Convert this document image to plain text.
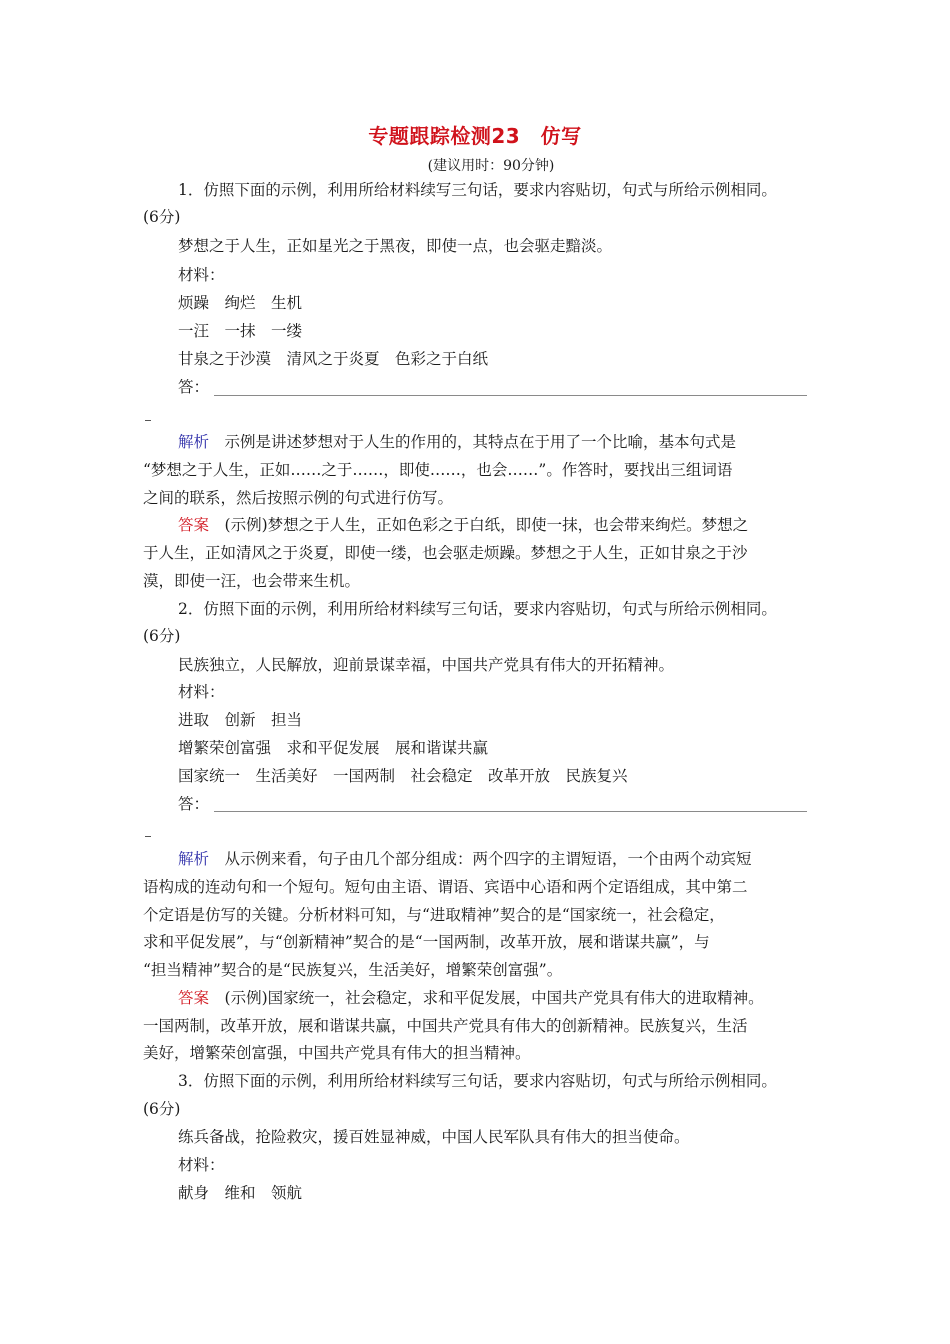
专题跟踪检测23　仿写
(建议用时：90分钟)
1．仿照下面的示例，利用所给材料续写三句话，要求内容贴切，句式与所给示例相同。
(6分)
梦想之于人生，正如星光之于黑夜，即使一点，也会驱走黯淡。
材料：
烦躁　绚烂　生机
一汪　一抹　一缕
甘泉之于沙漠　清风之于炎夏　色彩之于白纸
答：
解析　示例是讲述梦想对于人生的作用的，其特点在于用了一个比喻，基本句式是
“梦想之于人生，正如……之于……，即使……，也会……”。作答时，要找出三组词语
之间的联系，然后按照示例的句式进行仿写。
答案　(示例)梦想之于人生，正如色彩之于白纸，即使一抹，也会带来绚烂。梦想之
于人生，正如清风之于炎夏，即使一缕，也会驱走烦躁。梦想之于人生，正如甘泉之于沙
漠，即使一汪，也会带来生机。
2．仿照下面的示例，利用所给材料续写三句话，要求内容贴切，句式与所给示例相同。
(6分)
民族独立，人民解放，迎前景谋幸福，中国共产党具有伟大的开拓精神。
材料：
进取　创新　担当
增繁荣创富强　求和平促发展　展和谐谋共赢
国家统一　生活美好　一国两制　社会稳定　改革开放　民族复兴
答：
解析　从示例来看，句子由几个部分组成：两个四字的主谓短语，一个由两个动宾短
语构成的连动句和一个短句。短句由主语、谓语、宾语中心语和两个定语组成，其中第二
个定语是仿写的关键。分析材料可知，与“进取精神”契合的是“国家统一，社会稳定，
求和平促发展”，与“创新精神”契合的是“一国两制，改革开放，展和谐谋共赢”，与
“担当精神”契合的是“民族复兴，生活美好，增繁荣创富强”。
答案　(示例)国家统一，社会稳定，求和平促发展，中国共产党具有伟大的进取精神。
一国两制，改革开放，展和谐谋共赢，中国共产党具有伟大的创新精神。民族复兴，生活
美好，增繁荣创富强，中国共产党具有伟大的担当精神。
3．仿照下面的示例，利用所给材料续写三句话，要求内容贴切，句式与所给示例相同。
(6分)
练兵备战，抢险救灾，援百姓显神威，中国人民军队具有伟大的担当使命。
材料：
献身　维和　领航
